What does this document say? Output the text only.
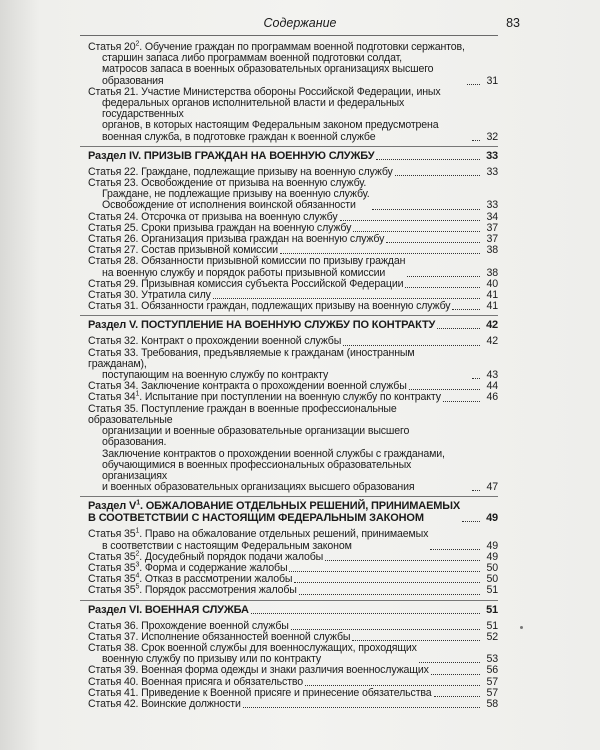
Содержание	83
Статья $20^2$. Обучение граждан по программам военной подготовки сержантов,
старшин запаса либо программам военной подготовки солдат,
матросов запаса в военных образовательных организациях высшего
образования	31
Статья 21. Участие Министерства обороны Российской Федерации, иных
федеральных органов исполнительной власти и федеральных государственных
органов, в которых настоящим Федеральным законом предусмотрена
военная служба, в подготовке граждан к военной службе	32
Раздел IV. ПРИЗЫВ ГРАЖДАН НА ВОЕННУЮ СЛУЖБУ	33
Статья 22. Граждане, подлежащие призыву на военную службу	33
Статья 23. Освобождение от призыва на военную службу.
Граждане, не подлежащие призыву на военную службу.
Освобождение от исполнения воинской обязанности	33
Статья 24. Отсрочка от призыва на военную службу	34
Статья 25. Сроки призыва граждан на военную службу	37
Статья 26. Организация призыва граждан на военную службу	37
Статья 27. Состав призывной комиссии	38
Статья 28. Обязанности призывной комиссии по призыву граждан
на военную службу и порядок работы призывной комиссии	38
Статья 29. Призывная комиссия субъекта Российской Федерации	40
Статья 30. Утратила силу	41
Статья 31. Обязанности граждан, подлежащих призыву на военную службу	41
Раздел V. ПОСТУПЛЕНИЕ НА ВОЕННУЮ СЛУЖБУ ПО КОНТРАКТУ	42
Статья 32. Контракт о прохождении военной службы	42
Статья 33. Требования, предъявляемые к гражданам (иностранным гражданам),
поступающим на военную службу по контракту	43
Статья 34. Заключение контракта о прохождении военной службы	44
Статья $34^1$. Испытание при поступлении на военную службу по контракту	46
Статья 35. Поступление граждан в военные профессиональные образовательные
организации и военные образовательные организации высшего образования.
Заключение контрактов о прохождении военной службы с гражданами,
обучающимися в военных профессиональных образовательных организациях
и военных образовательных организациях высшего образования	47
Раздел $V^1$. ОБЖАЛОВАНИЕ ОТДЕЛЬНЫХ РЕШЕНИЙ, ПРИНИМАЕМЫХ
В СООТВЕТСТВИИ С НАСТОЯЩИМ ФЕДЕРАЛЬНЫМ ЗАКОНОМ	49
Статья $35^1$. Право на обжалование отдельных решений, принимаемых
в соответствии с настоящим Федеральным законом	49
Статья $35^2$. Досудебный порядок подачи жалобы	49
Статья $35^3$. Форма и содержание жалобы	50
Статья $35^4$. Отказ в рассмотрении жалобы	50
Статья $35^5$. Порядок рассмотрения жалобы	51
Раздел VI. ВОЕННАЯ СЛУЖБА	51
Статья 36. Прохождение военной службы	51
Статья 37. Исполнение обязанностей военной службы	52
Статья 38. Срок военной службы для военнослужащих, проходящих
военную службу по призыву или по контракту	53
Статья 39. Военная форма одежды и знаки различия военнослужащих	56
Статья 40. Военная присяга и обязательство	57
Статья 41. Приведение к Военной присяге и принесение обязательства	57
Статья 42. Воинские должности	58
